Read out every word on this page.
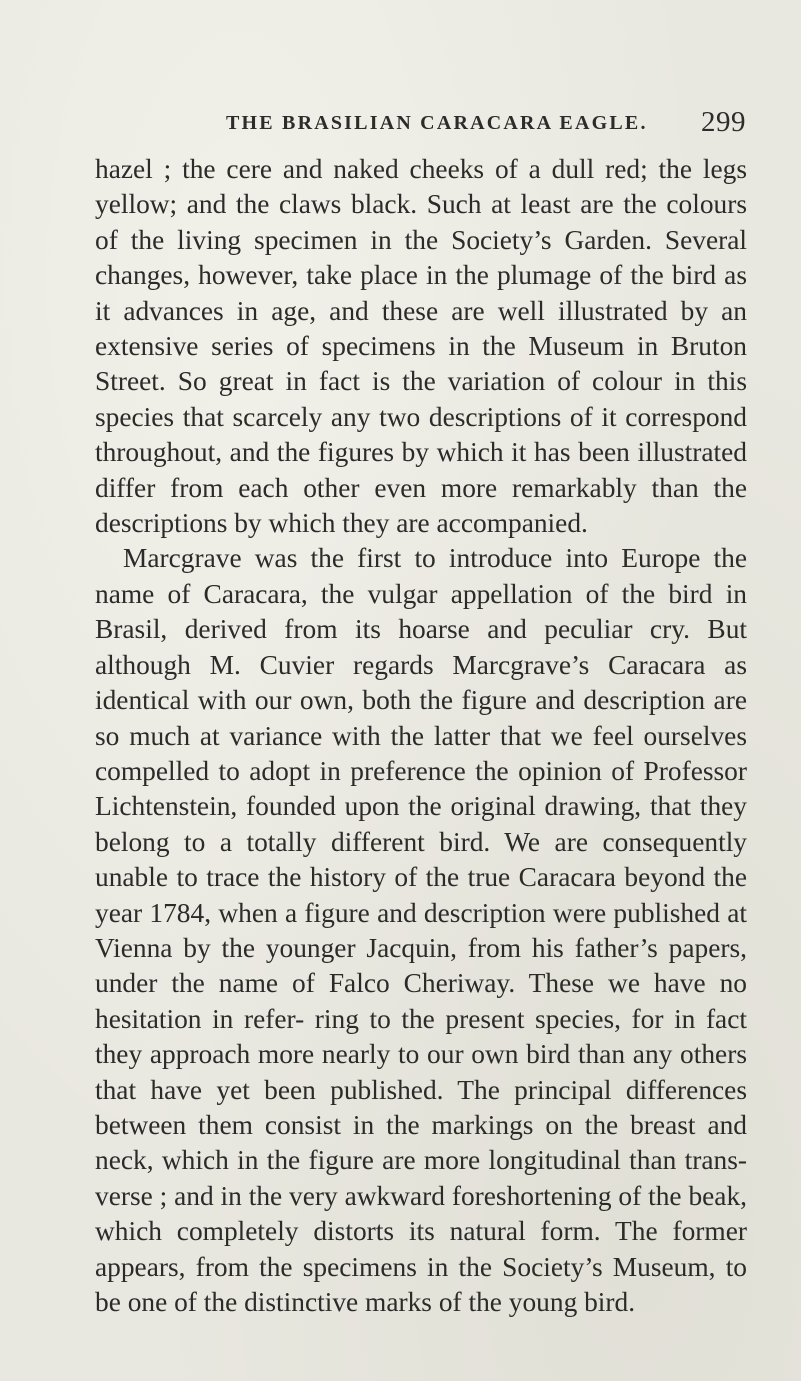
THE BRASILIAN CARACARA EAGLE. 299

hazel ; the cere and naked cheeks of a dull red; the legs yellow; and the claws black. Such at least are the colours of the living specimen in the Society’s Garden. Several changes, however, take place in the plumage of the bird as it advances in age, and these are well illustrated by an extensive series of specimens in the Museum in Bruton Street. So great in fact is the variation of colour in this species that scarcely any two descriptions of it correspond throughout, and the figures by which it has been illustrated differ from each other even more remarkably than the descriptions by which they are accompanied.

Marcgrave was the first to introduce into Europe the name of Caracara, the vulgar appellation of the bird in Brasil, derived from its hoarse and peculiar cry. But although M. Cuvier regards Marcgrave’s Caracara as identical with our own, both the figure and description are so much at variance with the latter that we feel ourselves compelled to adopt in preference the opinion of Professor Lichtenstein, founded upon the original drawing, that they belong to a totally different bird. We are consequently unable to trace the history of the true Caracara beyond the year 1784, when a figure and description were published at Vienna by the younger Jacquin, from his father’s papers, under the name of Falco Cheriway. These we have no hesitation in refer- ring to the present species, for in fact they approach more nearly to our own bird than any others that have yet been published. The principal differences between them consist in the markings on the breast and neck, which in the figure are more longitudinal than trans- verse ; and in the very awkward foreshortening of the beak, which completely distorts its natural form. The former appears, from the specimens in the Society’s Museum, to be one of the distinctive marks of the young bird.
